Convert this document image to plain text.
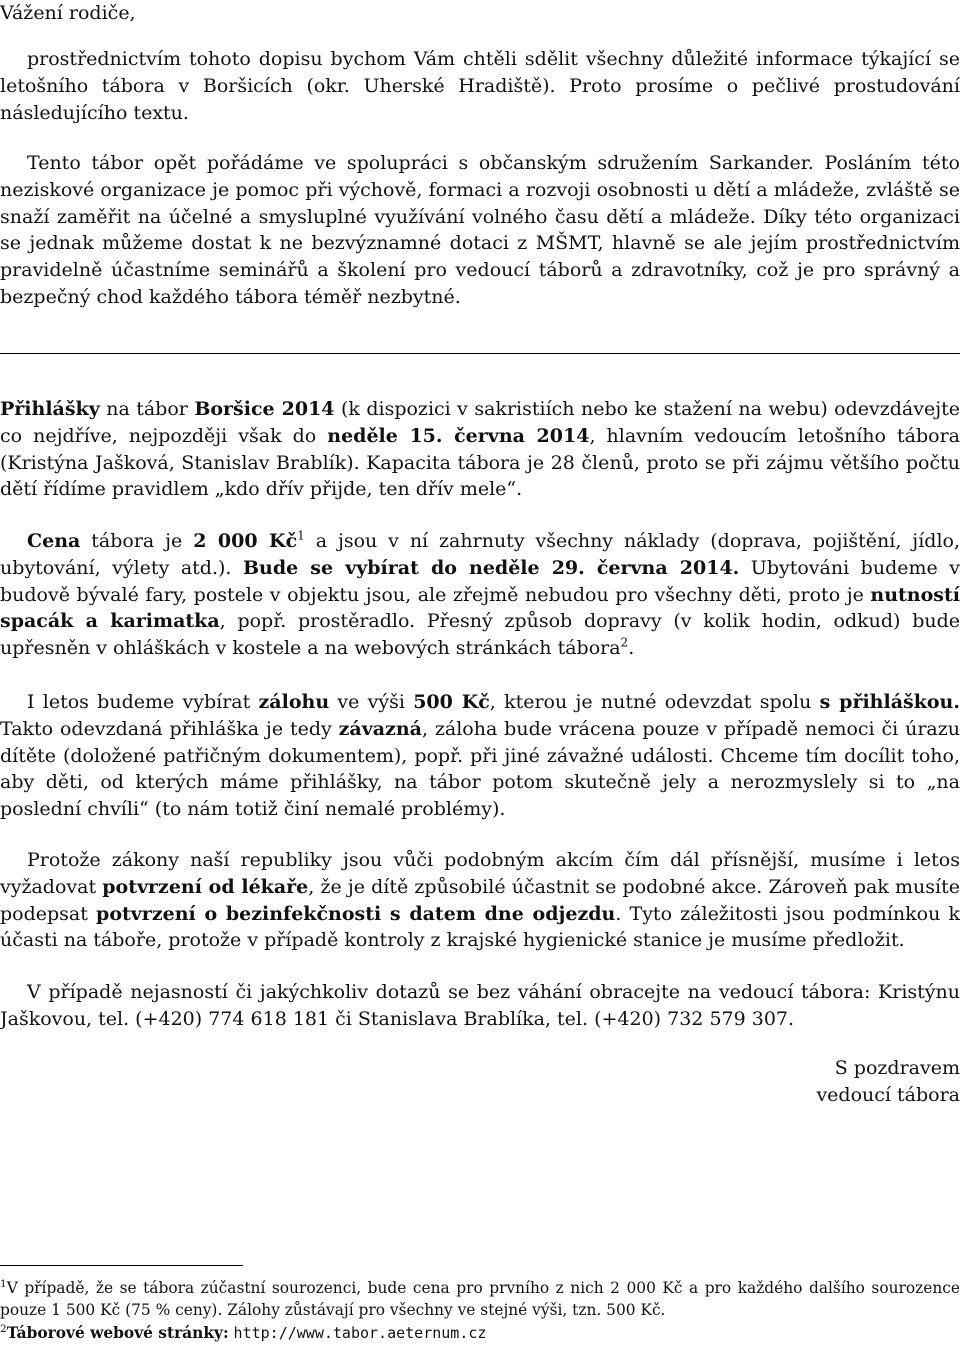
Vážení rodiče,

prostřednictvím tohoto dopisu bychom Vám chtěli sdělit všechny důležité informace týkající se letošního tábora v Boršicích (okr. Uherské Hradiště). Proto prosíme o pečlivé prostudování následujícího textu.

Tento tábor opět pořádáme ve spolupráci s občanským sdružením Sarkander. Posláním této neziskové organizace je pomoc při výchově, formaci a rozvoji osobnosti u dětí a mládeže, zvláště se snaží zaměřit na účelné a smysluplné využívání volného času dětí a mládeže. Díky této organizaci se jednak můžeme dostat k ne bezvýznamné dotaci z MŠMT, hlavně se ale jejím prostřednictvím pravidelně účastníme seminářů a školení pro vedoucí táborů a zdravotníky, což je pro správný a bezpečný chod každého tábora téměř nezbytné.

Přihlášky na tábor Boršice 2014 (k dispozici v sakristiích nebo ke stažení na webu) odevzdávejte co nejdříve, nejpozději však do neděle 15. června 2014, hlavním vedoucím letošního tábora (Kristýna Jašková, Stanislav Brablík). Kapacita tábora je 28 členů, proto se při zájmu většího počtu dětí řídíme pravidlem „kdo dřív přijde, ten dřív mele“.

Cena tábora je 2 000 $Kč^1$ a jsou v ní zahrnuty všechny náklady (doprava, pojištění, jídlo, ubytování, výlety atd.). Bude se vybírat do neděle 29. června 2014. Ubytováni budeme v budově bývalé fary, postele v objektu jsou, ale zřejmě nebudou pro všechny děti, proto je nutností spacák a karimatka, popř. prostěradlo. Přesný způsob dopravy (v kolik hodin, odkud) bude upřesněn v ohláškách v kostele a na webových stránkách tábora$^2$.

I letos budeme vybírat zálohu ve výši 500 Kč, kterou je nutné odevzdat spolu s přihláškou. Takto odevzdaná přihláška je tedy závazná, záloha bude vrácena pouze v případě nemoci či úrazu dítěte (doložené patřičným dokumentem), popř. při jiné závažné události. Chceme tím docílit toho, aby děti, od kterých máme přihlášky, na tábor potom skutečně jely a nerozmyslely si to „na poslední chvíli“ (to nám totiž činí nemalé problémy).

Protože zákony naší republiky jsou vůči podobným akcím čím dál přísnější, musíme i letos vyžadovat potvrzení od lékaře, že je dítě způsobilé účastnit se podobné akce. Zároveň pak musíte podepsat potvrzení o bezinfekčnosti s datem dne odjezdu. Tyto záležitosti jsou podmínkou k účasti na táboře, protože v případě kontroly z krajské hygienické stanice je musíme předložit.

V případě nejasností či jakýchkoliv dotazů se bez váhání obracejte na vedoucí tábora: Kristýnu Jaškovou, tel. (+420) 774 618 181 či Stanislava Brablíka, tel. (+420) 732 579 307.

S pozdravem
vedoucí tábora

$^1$V případě, že se tábora zúčastní sourozenci, bude cena pro prvního z nich 2 000 Kč a pro každého dalšího sourozence pouze 1 500 Kč (75 % ceny). Zálohy zůstávají pro všechny ve stejné výši, tzn. 500 Kč.

$^2$Táborové webové stránky: http://www.tabor.aeternum.cz
